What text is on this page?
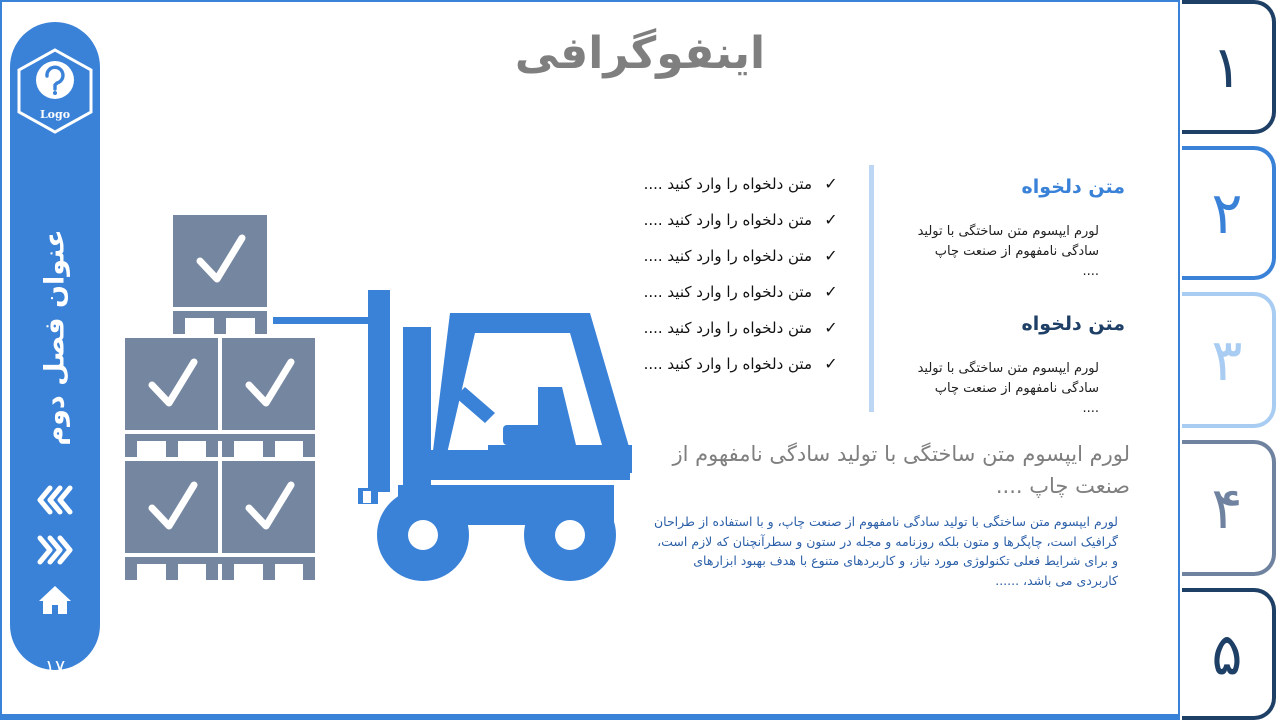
Logo
عنوان فصل دوم
۱۷
۱
۲
۳
۴
۵
اینفوگرافی
✓
متن دلخواه را وارد کنید ....
✓
متن دلخواه را وارد کنید ....
✓
متن دلخواه را وارد کنید ....
✓
متن دلخواه را وارد کنید ....
✓
متن دلخواه را وارد کنید ....
✓
متن دلخواه را وارد کنید ....
متن دلخواه

لورم ایپسوم متن ساختگی با تولید سادگی نامفهوم از صنعت چاپ ....

متن دلخواه

لورم ایپسوم متن ساختگی با تولید سادگی نامفهوم از صنعت چاپ ....

لورم ایپسوم متن ساختگی با تولید سادگی نامفهوم از صنعت چاپ ....
لورم ایپسوم متن ساختگی با تولید سادگی نامفهوم از صنعت چاپ، و با استفاده از طراحان گرافیک است، چاپگرها و متون بلکه روزنامه و مجله در ستون و سطرآنچنان که لازم است، و برای شرایط فعلی تکنولوژی مورد نیاز، و کاربردهای متنوع با هدف بهبود ابزارهای کاربردی می باشد، ......
